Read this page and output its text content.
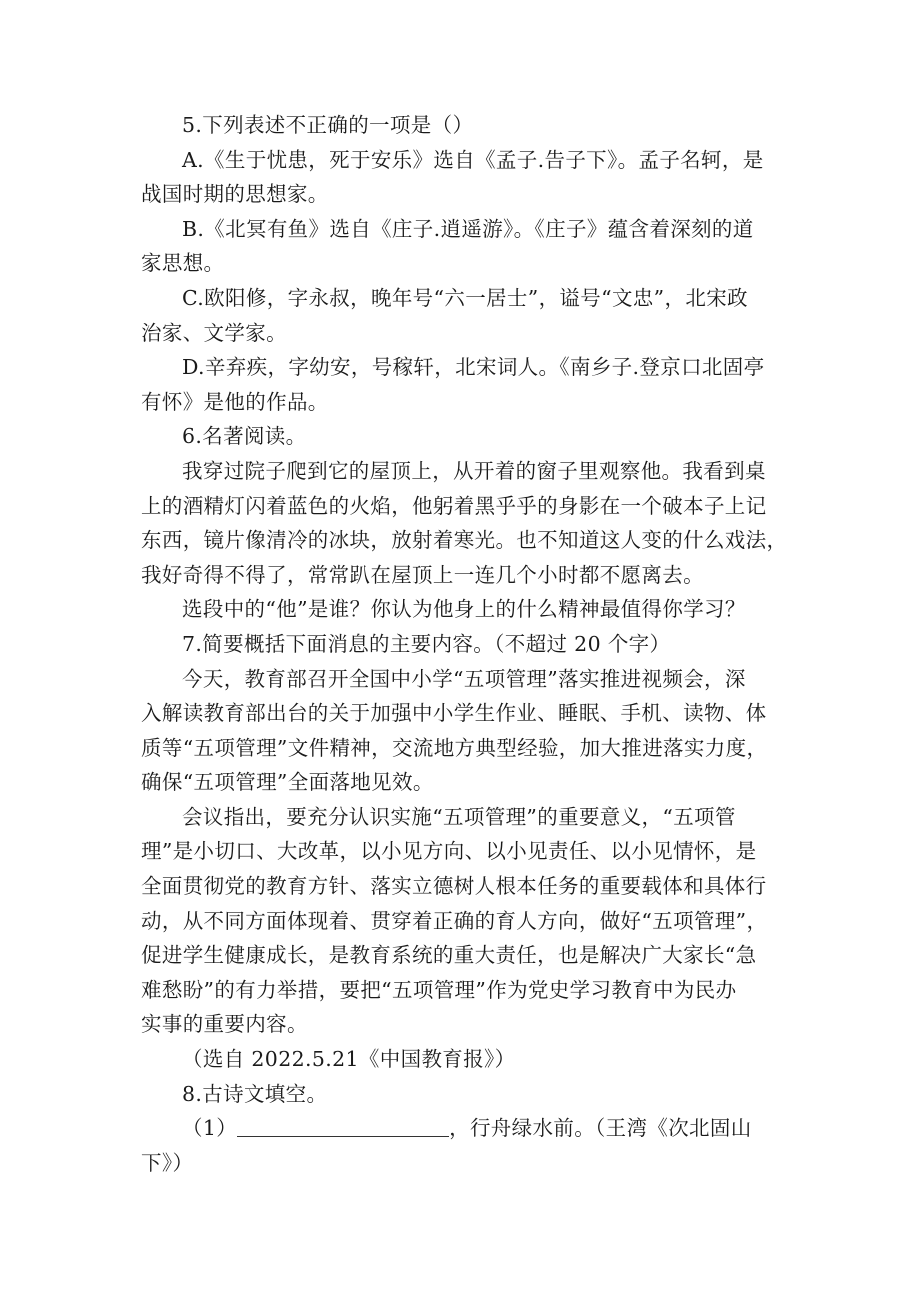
5.下列表述不正确的一项是（）
A.《生于忧患，死于安乐》选自《孟子.告子下》。孟子名轲，是
战国时期的思想家。
B.《北冥有鱼》选自《庄子.逍遥游》。《庄子》蕴含着深刻的道
家思想。
C.欧阳修，字永叔，晚年号“六一居士”，谥号“文忠”，北宋政
治家、文学家。
D.辛弃疾，字幼安，号稼轩，北宋词人。《南乡子.登京口北固亭
有怀》是他的作品。
6.名著阅读。
我穿过院子爬到它的屋顶上，从开着的窗子里观察他。我看到桌
上的酒精灯闪着蓝色的火焰，他躬着黑乎乎的身影在一个破本子上记
东西，镜片像清冷的冰块，放射着寒光。也不知道这人变的什么戏法，
我好奇得不得了，常常趴在屋顶上一连几个小时都不愿离去。
选段中的“他”是谁？你认为他身上的什么精神最值得你学习？
7.简要概括下面消息的主要内容。（不超过 20 个字）
今天，教育部召开全国中小学“五项管理”落实推进视频会，深
入解读教育部出台的关于加强中小学生作业、睡眠、手机、读物、体
质等“五项管理”文件精神，交流地方典型经验，加大推进落实力度，
确保“五项管理”全面落地见效。
会议指出，要充分认识实施“五项管理”的重要意义，“五项管
理”是小切口、大改革，以小见方向、以小见责任、以小见情怀，是
全面贯彻党的教育方针、落实立德树人根本任务的重要载体和具体行
动，从不同方面体现着、贯穿着正确的育人方向，做好“五项管理”，
促进学生健康成长，是教育系统的重大责任，也是解决广大家长“急
难愁盼”的有力举措，要把“五项管理”作为党史学习教育中为民办
实事的重要内容。
（选自 2022.5.21《中国教育报》）
8.古诗文填空。
（1）	，行舟绿水前。（王湾《次北固山
下》）
